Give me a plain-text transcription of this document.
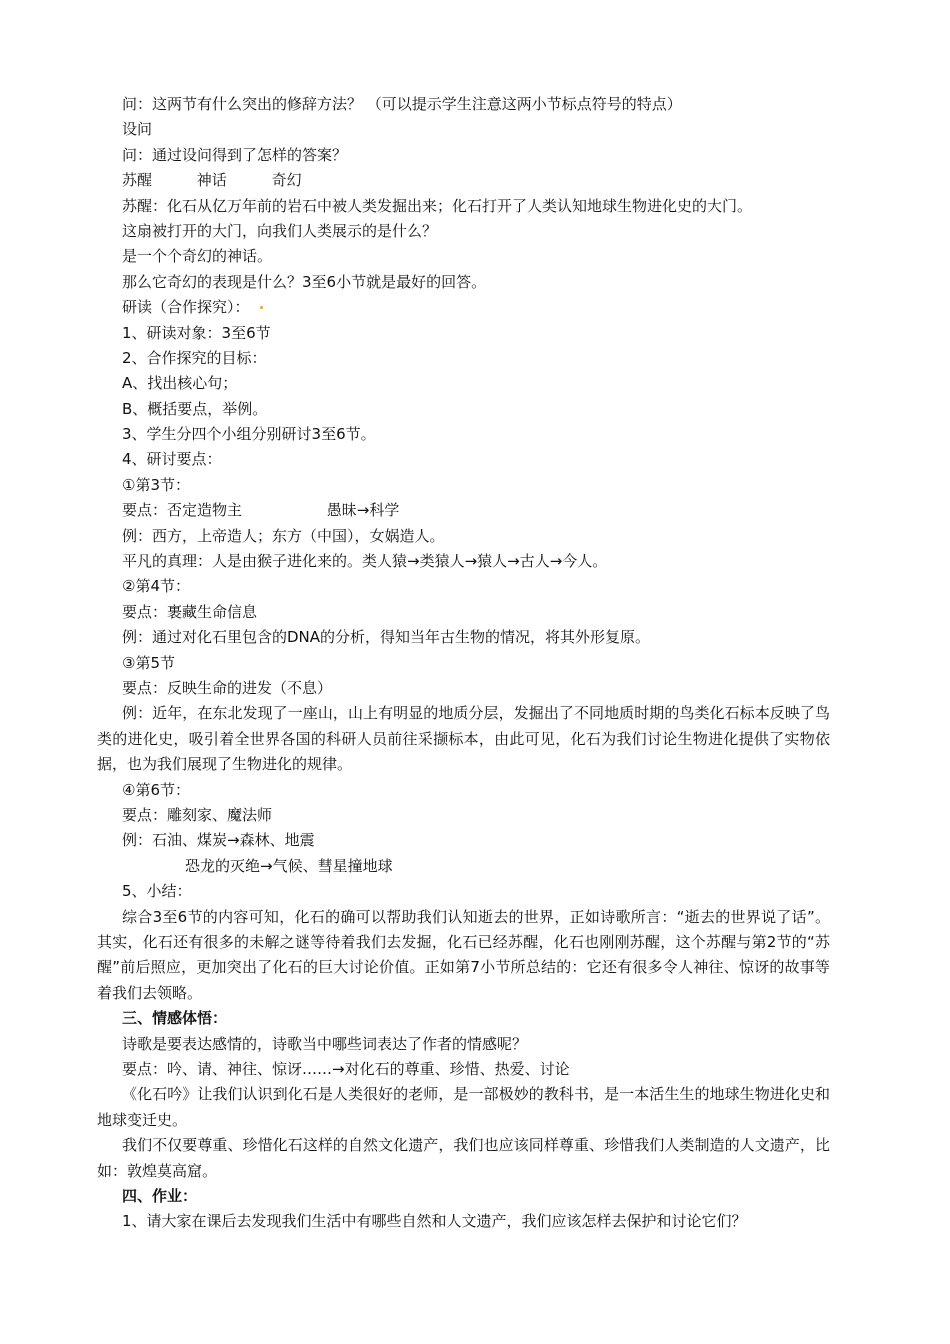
问：这两节有什么突出的修辞方法？ （可以提示学生注意这两小节标点符号的特点）
设问
问：通过设问得到了怎样的答案？
苏醒	神话	奇幻
苏醒：化石从亿万年前的岩石中被人类发掘出来；化石打开了人类认知地球生物进化史的大门。
这扇被打开的大门，向我们人类展示的是什么？
是一个个奇幻的神话。
那么它奇幻的表现是什么？3至6小节就是最好的回答。
研读（合作探究）：
1、研读对象：3至6节
2、合作探究的目标：
A、找出核心句；
B、概括要点，举例。
3、学生分四个小组分别研讨3至6节。
4、研讨要点：
①第3节：
要点：否定造物主	愚昧→科学
例：西方，上帝造人；东方（中国），女娲造人。
平凡的真理：人是由猴子进化来的。类人猿→类猿人→猿人→古人→今人。
②第4节：
要点：裹藏生命信息
例：通过对化石里包含的DNA的分析，得知当年古生物的情况，将其外形复原。
③第5节
要点：反映生命的进发（不息）
例：近年，在东北发现了一座山，山上有明显的地质分层，发掘出了不同地质时期的鸟类化石标本反映了鸟类的进化史，吸引着全世界各国的科研人员前往采撷标本，由此可见，化石为我们讨论生物进化提供了实物依据，也为我们展现了生物进化的规律。
④第6节：
要点：雕刻家、魔法师
例：石油、煤炭→森林、地震
恐龙的灭绝→气候、彗星撞地球
5、小结：
综合3至6节的内容可知，化石的确可以帮助我们认知逝去的世界，正如诗歌所言：“逝去的世界说了话”。其实，化石还有很多的未解之谜等待着我们去发掘，化石已经苏醒，化石也刚刚苏醒，这个苏醒与第2节的“苏醒”前后照应，更加突出了化石的巨大讨论价值。正如第7小节所总结的：它还有很多令人神往、惊讶的故事等着我们去领略。
三、情感体悟：
诗歌是要表达感情的，诗歌当中哪些词表达了作者的情感呢？
要点：吟、请、神往、惊讶……→对化石的尊重、珍惜、热爱、讨论
《化石吟》让我们认识到化石是人类很好的老师，是一部极妙的教科书，是一本活生生的地球生物进化史和地球变迁史。
我们不仅要尊重、珍惜化石这样的自然文化遗产，我们也应该同样尊重、珍惜我们人类制造的人文遗产，比如：敦煌莫高窟。
四、作业：
1、请大家在课后去发现我们生活中有哪些自然和人文遗产，我们应该怎样去保护和讨论它们？
